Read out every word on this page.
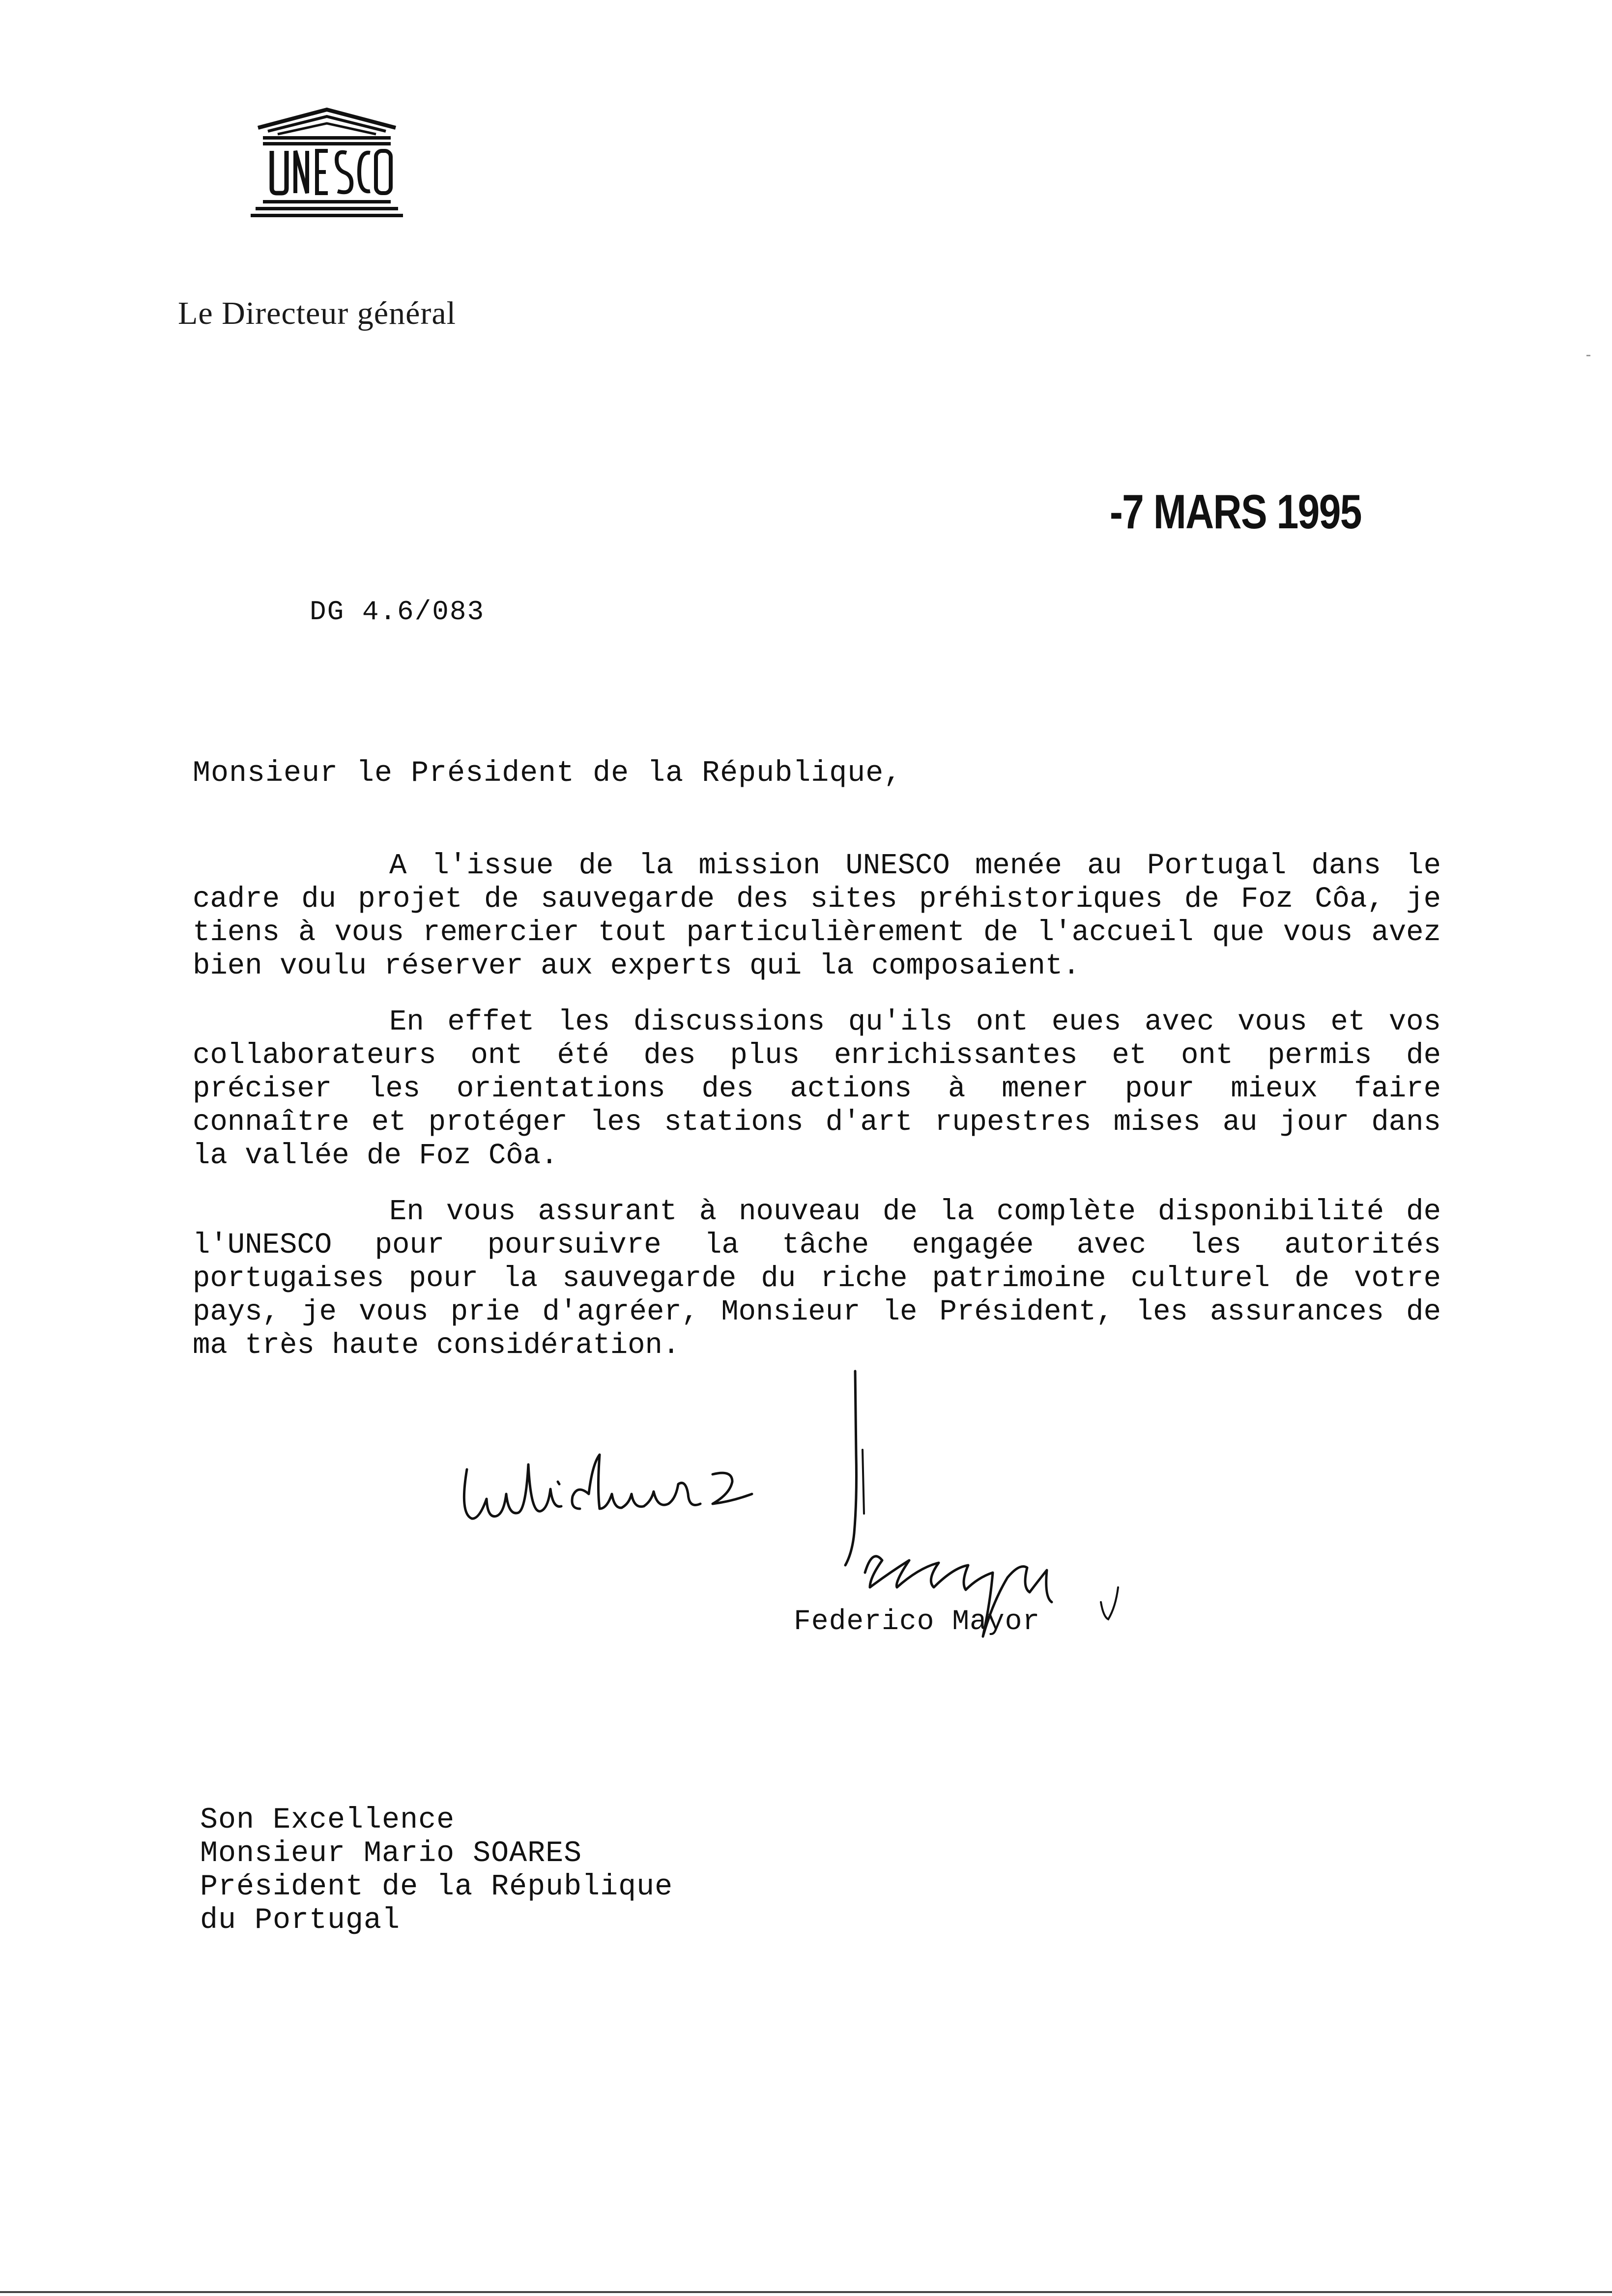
Le Directeur général
-7 MARS 1995
DG 4.6/083
Monsieur le Président de la République,

A l'issue de la mission UNESCO menée au Portugal dans le cadre du projet de sauvegarde des sites préhistoriques de Foz Côa, je tiens à vous remercier tout particulièrement de l'accueil que vous avez bien voulu réserver aux experts qui la composaient.

En effet les discussions qu'ils ont eues avec vous et vos collaborateurs ont été des plus enrichissantes et ont permis de préciser les orientations des actions à mener pour mieux faire connaître et protéger les stations d'art rupestres mises au jour dans la vallée de Foz Côa.

En vous assurant à nouveau de la complète disponibilité de l'UNESCO pour poursuivre la tâche engagée avec les autorités portugaises pour la sauvegarde du riche patrimoine culturel de votre pays, je vous prie d'agréer, Monsieur le Président, les assurances de ma très haute considération.

Federico Mayor
Son Excellence
Monsieur Mario SOARES
Président de la République
du Portugal
